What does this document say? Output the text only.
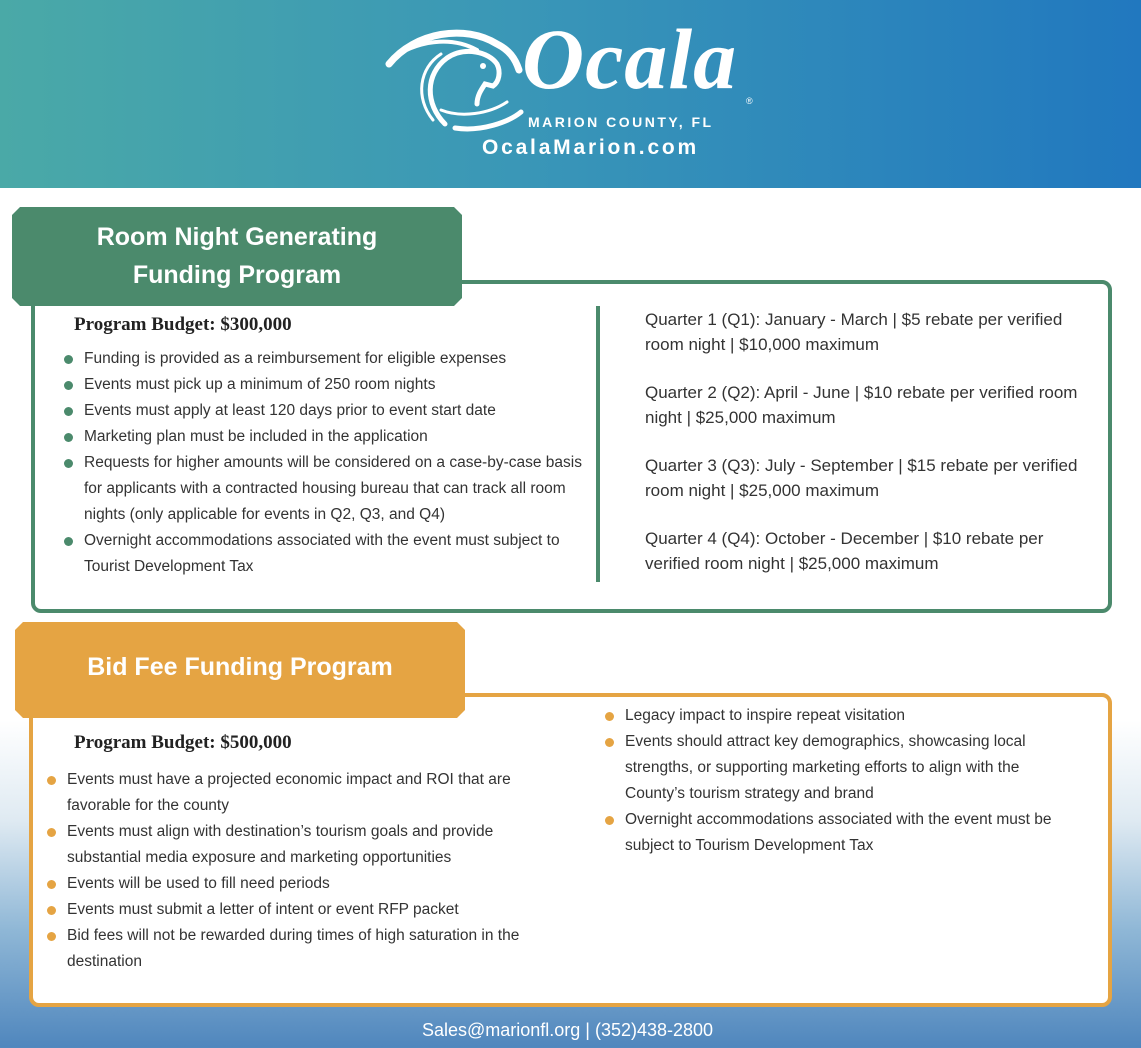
Ocala ®
MARION COUNTY, FL
OcalaMarion.com
Room Night Generating
Funding Program
Program Budget: $300,000
Funding is provided as a reimbursement for eligible expenses
Events must pick up a minimum of 250 room nights
Events must apply at least 120 days prior to event start date
Marketing plan must be included in the application
Requests for higher amounts will be considered on a case-by-case basis for applicants with a contracted housing bureau that can track all room nights (only applicable for events in Q2, Q3, and Q4)
Overnight accommodations associated with the event must subject to Tourist Development Tax

Quarter 1 (Q1): January - March | $5 rebate per verified room night | $10,000 maximum

Quarter 2 (Q2): April - June | $10 rebate per verified room night | $25,000 maximum

Quarter 3 (Q3): July - September | $15 rebate per verified room night | $25,000 maximum

Quarter 4 (Q4): October - December | $10 rebate per verified room night | $25,000 maximum

Bid Fee Funding Program
Program Budget: $500,000
Events must have a projected economic impact and ROI that are favorable for the county
Events must align with destination’s tourism goals and provide substantial media exposure and marketing opportunities
Events will be used to fill need periods
Events must submit a letter of intent or event RFP packet
Bid fees will not be rewarded during times of high saturation in the destination
Legacy impact to inspire repeat visitation
Events should attract key demographics, showcasing local strengths, or supporting marketing efforts to align with the County’s tourism strategy and brand
Overnight accommodations associated with the event must be subject to Tourism Development Tax
Sales@marionfl.org | (352)438-2800
